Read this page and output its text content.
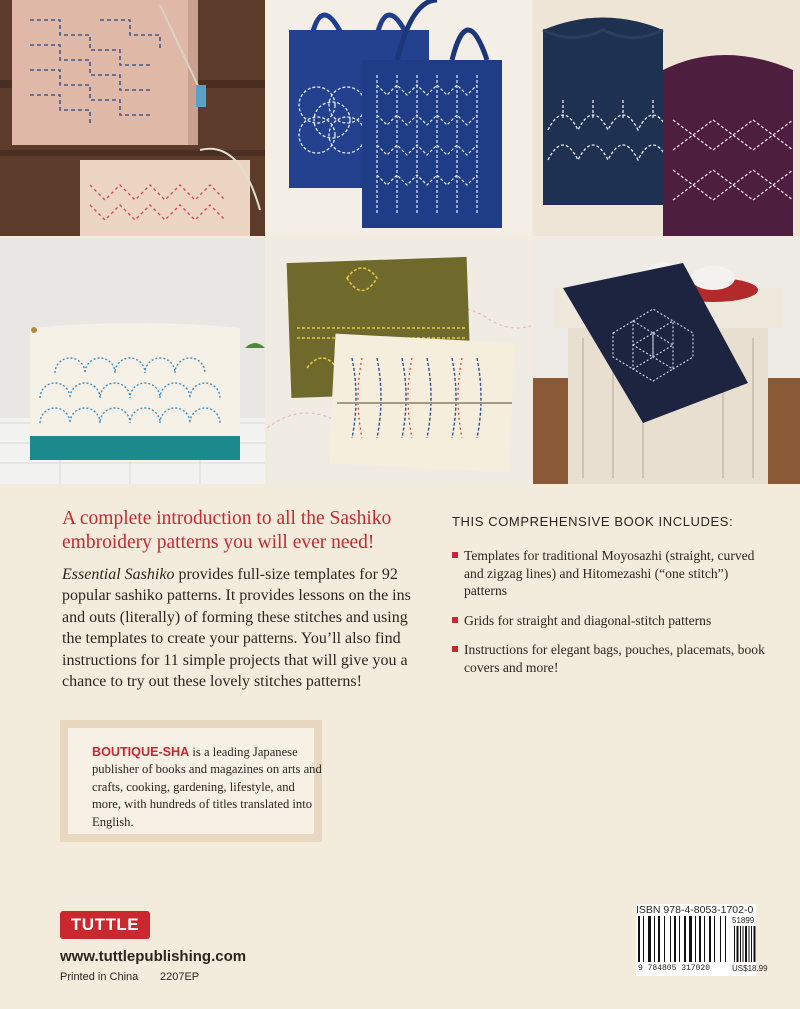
A complete introduction to all the Sashiko embroidery patterns you will ever need!

Essential Sashiko provides full-size templates for 92 popular sashiko patterns. It provides lessons on the ins and outs (literally) of forming these stitches and using the templates to create your patterns. You’ll also find instructions for 11 simple projects that will give you a chance to try out these lovely stitches patterns!

BOUTIQUE-SHA is a leading Japanese publisher of books and magazines on arts and crafts, cooking, gardening, lifestyle, and more, with hundreds of titles translated into English.

THIS COMPREHENSIVE BOOK INCLUDES:

Templates for traditional Moyosazhi (straight, curved and zigzag lines) and Hitomezashi (“one stitch”) patterns
Grids for straight and diagonal-stitch patterns
Instructions for elegant bags, pouches, placemats, book covers and more!
TUTTLE
www.tuttlepublishing.com
Printed in China 2207EP
ISBN 978-4-8053-1702-0
51899
9 784805 317020	US$18.99
